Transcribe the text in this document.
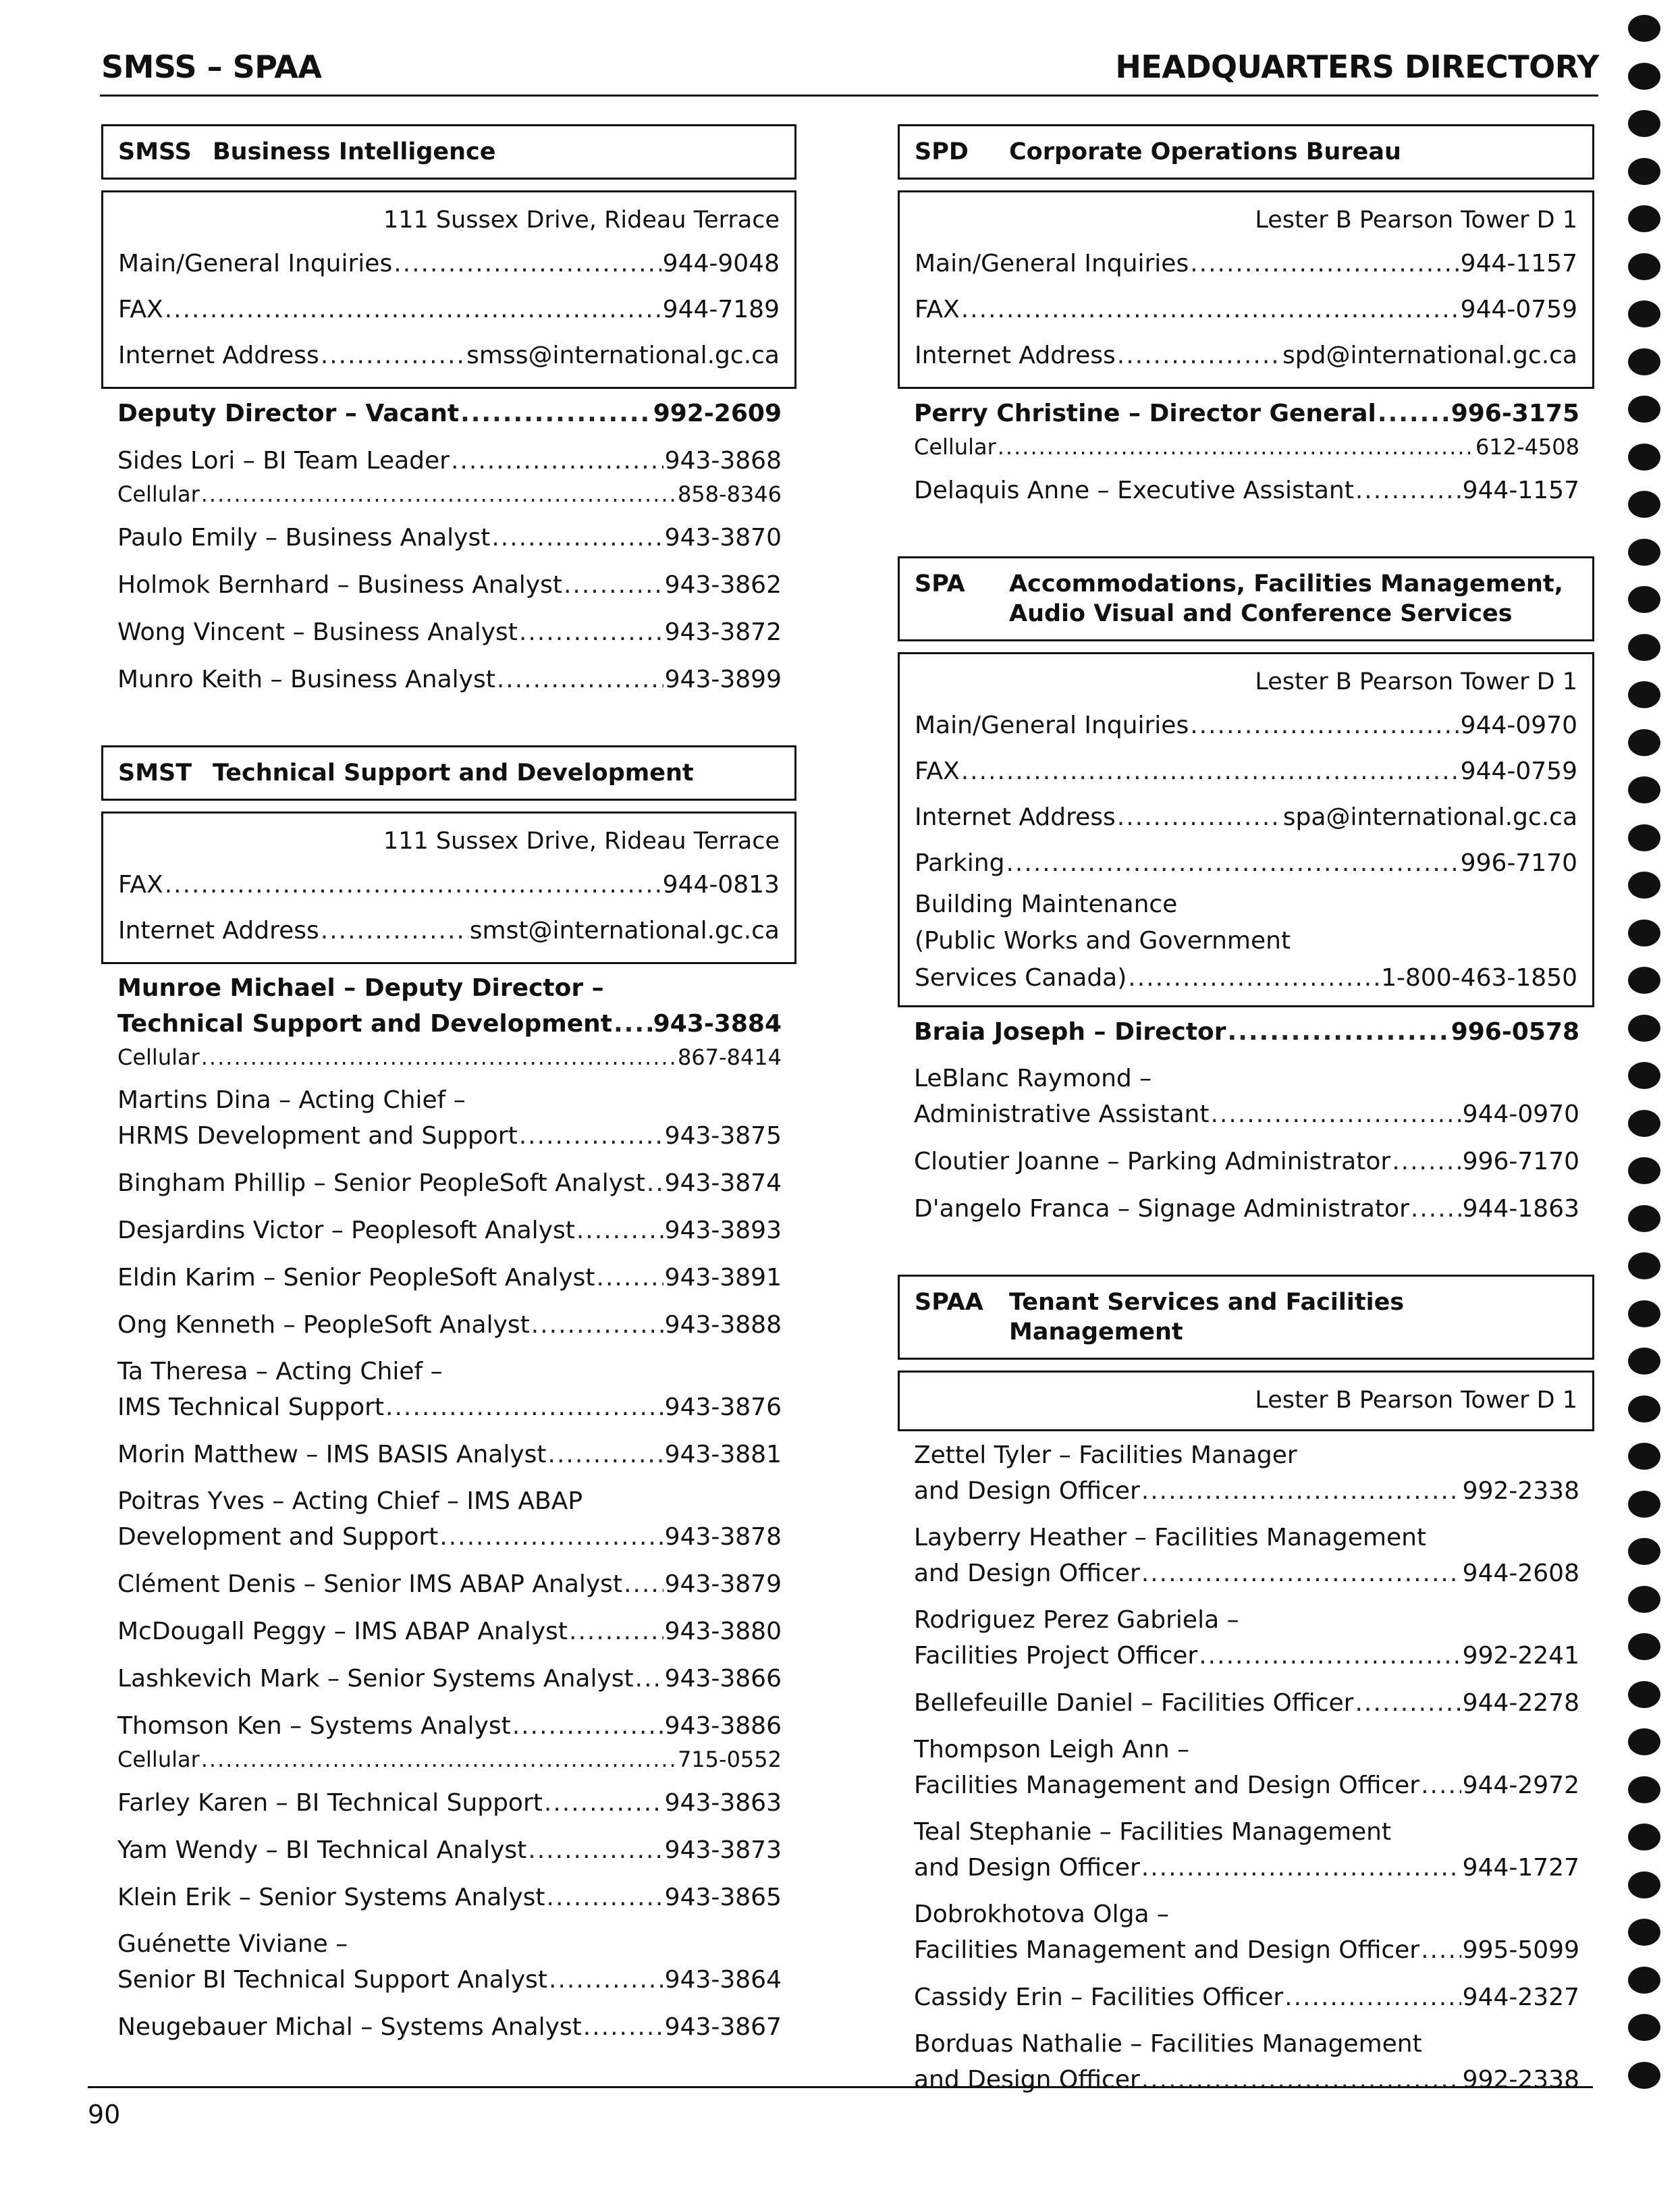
SMSS – SPAA	HEADQUARTERS DIRECTORY
SMSS Business Intelligence
111 Sussex Drive, Rideau Terrace
Main/General Inquiries .....	944-9048
FAX .....	944-7189
Internet Address .....	smss@international.gc.ca
Deputy Director – Vacant .....	992-2609
Sides Lori – BI Team Leader .....	943-3868
Cellular .....	858-8346
Paulo Emily – Business Analyst .....	943-3870
Holmok Bernhard – Business Analyst .....	943-3862
Wong Vincent – Business Analyst .....	943-3872
Munro Keith – Business Analyst .....	943-3899
SMST Technical Support and Development
111 Sussex Drive, Rideau Terrace
FAX .....	944-0813
Internet Address .....	smst@international.gc.ca
Munroe Michael – Deputy Director –
Technical Support and Development ..... 943-3884
Cellular .....	867-8414
Martins Dina – Acting Chief –
HRMS Development and Support .....	943-3875
Bingham Phillip – Senior PeopleSoft Analyst ..... 943-3874
Desjardins Victor – Peoplesoft Analyst .....	943-3893
Eldin Karim – Senior PeopleSoft Analyst .....	943-3891
Ong Kenneth – PeopleSoft Analyst .....	943-3888
Ta Theresa – Acting Chief –
IMS Technical Support .....	943-3876
Morin Matthew – IMS BASIS Analyst .....	943-3881
Poitras Yves – Acting Chief – IMS ABAP
Development and Support .....	943-3878
Clément Denis – Senior IMS ABAP Analyst ..... 943-3879
McDougall Peggy – IMS ABAP Analyst .....	943-3880
Lashkevich Mark – Senior Systems Analyst ..... 943-3866
Thomson Ken – Systems Analyst .....	943-3886
Cellular .....	715-0552
Farley Karen – BI Technical Support .....	943-3863
Yam Wendy – BI Technical Analyst .....	943-3873
Klein Erik – Senior Systems Analyst .....	943-3865
Guénette Viviane –
Senior BI Technical Support Analyst .....	943-3864
Neugebauer Michal – Systems Analyst .....	943-3867
SPD	Corporate Operations Bureau
Lester B Pearson Tower D 1
Main/General Inquiries .....	944-1157
FAX .....	944-0759
Internet Address .....	spd@international.gc.ca
Perry Christine – Director General .....	996-3175
Cellular .....	612-4508
Delaquis Anne – Executive Assistant .....	944-1157
SPA	Accommodations, Facilities Management,
Audio Visual and Conference Services
Lester B Pearson Tower D 1
Main/General Inquiries .....	944-0970
FAX .....	944-0759
Internet Address .....	spa@international.gc.ca
Parking .....	996-7170
Building Maintenance
(Public Works and Government
Services Canada) .....	1-800-463-1850
Braia Joseph – Director .....	996-0578
LeBlanc Raymond –
Administrative Assistant .....	944-0970
Cloutier Joanne – Parking Administrator .....	996-7170
D'angelo Franca – Signage Administrator ..... 944-1863
SPAA	Tenant Services and Facilities Management
Lester B Pearson Tower D 1
Zettel Tyler – Facilities Manager
and Design Officer .....	992-2338
Layberry Heather – Facilities Management
and Design Officer .....	944-2608
Rodriguez Perez Gabriela –
Facilities Project Officer .....	992-2241
Bellefeuille Daniel – Facilities Officer .....	944-2278
Thompson Leigh Ann –
Facilities Management and Design Officer ..... 944-2972
Teal Stephanie – Facilities Management
and Design Officer .....	944-1727
Dobrokhotova Olga –
Facilities Management and Design Officer ..... 995-5099
Cassidy Erin – Facilities Officer .....	944-2327
Borduas Nathalie – Facilities Management
and Design Officer .....	992-2338
90
